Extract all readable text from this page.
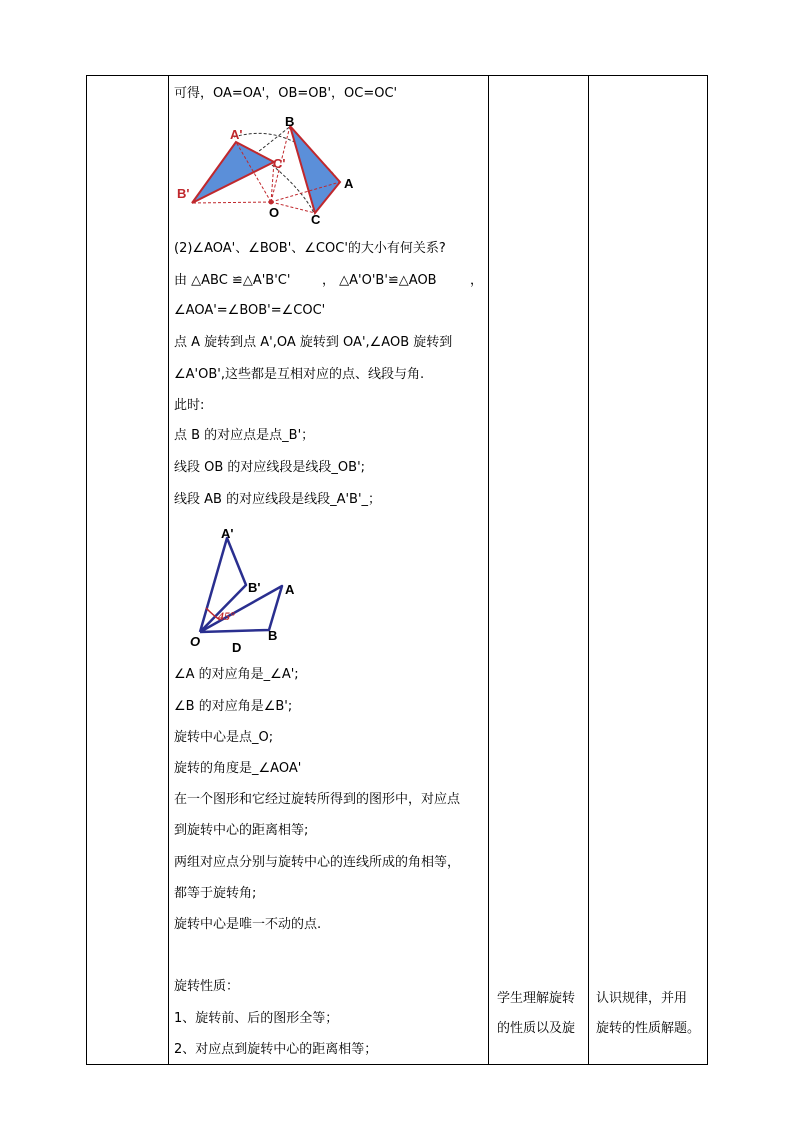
可得，OA=OA'，OB=OB'，OC=OC'
A'
B'
C'
B
A
C
O
(2)∠AOA'、∠BOB'、∠COC'的大小有何关系?
由 △ABC ≌△A'B'C' ， △A'O'B'≌△AOB	，
∠AOA'=∠BOB'=∠COC'
点 A 旋转到点 A',OA 旋转到 OA',∠AOB 旋转到
∠A'OB',这些都是互相对应的点、线段与角.
此时:
点 B 的对应点是点_B'；
线段 OB 的对应线段是线段_OB';
线段 AB 的对应线段是线段_A'B'_；
45°
A'
B' A
B
O D
∠A 的对应角是_∠A';
∠B 的对应角是∠B';
旋转中心是点_O;
旋转的角度是_∠AOA'
在一个图形和它经过旋转所得到的图形中，对应点
到旋转中心的距离相等;
两组对应点分别与旋转中心的连线所成的角相等，
都等于旋转角;
旋转中心是唯一不动的点.
旋转性质：
1、旋转前、后的图形全等；
2、对应点到旋转中心的距离相等；
学生理解旋转
的性质以及旋
认识规律，并用
旋转的性质解题。
